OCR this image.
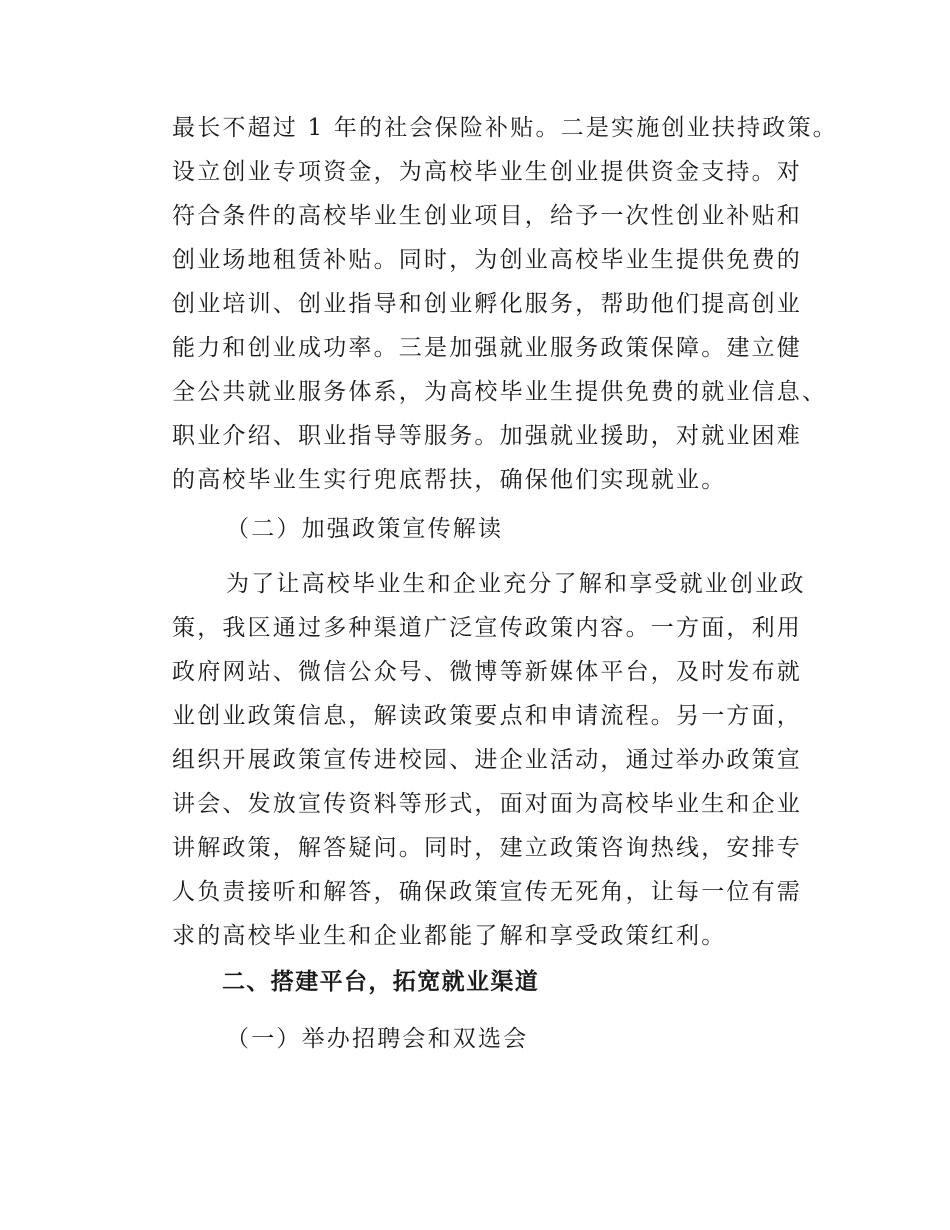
最长不超过 1 年的社会保险补贴。二是实施创业扶持政策。
设立创业专项资金，为高校毕业生创业提供资金支持。对
符合条件的高校毕业生创业项目，给予一次性创业补贴和
创业场地租赁补贴。同时，为创业高校毕业生提供免费的
创业培训、创业指导和创业孵化服务，帮助他们提高创业
能力和创业成功率。三是加强就业服务政策保障。建立健
全公共就业服务体系，为高校毕业生提供免费的就业信息、
职业介绍、职业指导等服务。加强就业援助，对就业困难
的高校毕业生实行兜底帮扶，确保他们实现就业。
（二）加强政策宣传解读
为了让高校毕业生和企业充分了解和享受就业创业政
策，我区通过多种渠道广泛宣传政策内容。一方面，利用
政府网站、微信公众号、微博等新媒体平台，及时发布就
业创业政策信息，解读政策要点和申请流程。另一方面，
组织开展政策宣传进校园、进企业活动，通过举办政策宣
讲会、发放宣传资料等形式，面对面为高校毕业生和企业
讲解政策，解答疑问。同时，建立政策咨询热线，安排专
人负责接听和解答，确保政策宣传无死角，让每一位有需
求的高校毕业生和企业都能了解和享受政策红利。
二、搭建平台，拓宽就业渠道
（一）举办招聘会和双选会
